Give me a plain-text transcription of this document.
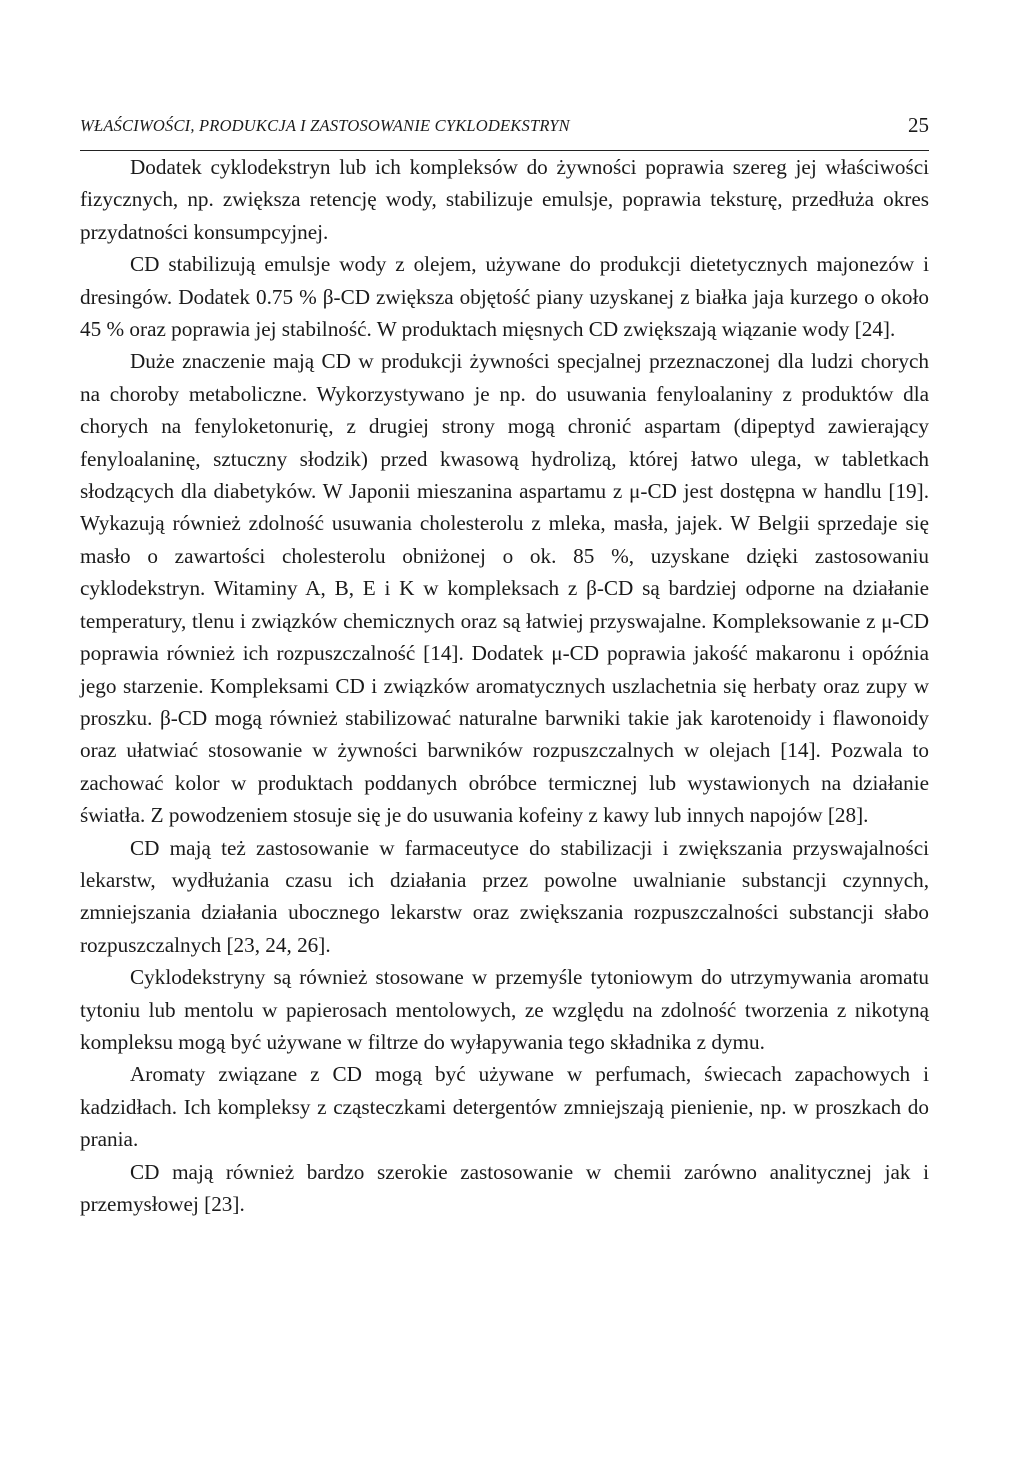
WŁAŚCIWOŚCI, PRODUKCJA I ZASTOSOWANIE CYKLODEKSTRYN	25

Dodatek cyklodekstryn lub ich kompleksów do żywności poprawia szereg jej właściwości fizycznych, np. zwiększa retencję wody, stabilizuje emulsje, poprawia teksturę, przedłuża okres przydatności konsumpcyjnej.

CD stabilizują emulsje wody z olejem, używane do produkcji dietetycznych majonezów i dresingów. Dodatek 0.75 % β-CD zwiększa objętość piany uzyskanej z białka jaja kurzego o około 45 % oraz poprawia jej stabilność. W produktach mięsnych CD zwiększają wiązanie wody [24].

Duże znaczenie mają CD w produkcji żywności specjalnej przeznaczonej dla ludzi chorych na choroby metaboliczne. Wykorzystywano je np. do usuwania fenyloalaniny z produktów dla chorych na fenyloketonurię, z drugiej strony mogą chronić aspartam (dipeptyd zawierający fenyloalaninę, sztuczny słodzik) przed kwasową hydrolizą, której łatwo ulega, w tabletkach słodzących dla diabetyków. W Japonii mieszanina aspartamu z μ-CD jest dostępna w handlu [19]. Wykazują również zdolność usuwania cholesterolu z mleka, masła, jajek. W Belgii sprzedaje się masło o zawartości cholesterolu obniżonej o ok. 85 %, uzyskane dzięki zastosowaniu cyklodekstryn. Witaminy A, B, E i K w kompleksach z β-CD są bardziej odporne na działanie temperatury, tlenu i związków chemicznych oraz są łatwiej przyswajalne. Kompleksowanie z μ-CD poprawia również ich rozpuszczalność [14]. Dodatek μ-CD poprawia jakość makaronu i opóźnia jego starzenie. Kompleksami CD i związków aromatycznych uszlachetnia się herbaty oraz zupy w proszku. β-CD mogą również stabilizować naturalne barwniki takie jak karotenoidy i flawonoidy oraz ułatwiać stosowanie w żywności barwników rozpuszczalnych w olejach [14]. Pozwala to zachować kolor w produktach poddanych obróbce termicznej lub wystawionych na działanie światła. Z powodzeniem stosuje się je do usuwania kofeiny z kawy lub innych napojów [28].

CD mają też zastosowanie w farmaceutyce do stabilizacji i zwiększania przyswajalności lekarstw, wydłużania czasu ich działania przez powolne uwalnianie substancji czynnych, zmniejszania działania ubocznego lekarstw oraz zwiększania rozpuszczalności substancji słabo rozpuszczalnych [23, 24, 26].

Cyklodekstryny są również stosowane w przemyśle tytoniowym do utrzymywania aromatu tytoniu lub mentolu w papierosach mentolowych, ze względu na zdolność tworzenia z nikotyną kompleksu mogą być używane w filtrze do wyłapywania tego składnika z dymu.

Aromaty związane z CD mogą być używane w perfumach, świecach zapachowych i kadzidłach. Ich kompleksy z cząsteczkami detergentów zmniejszają pienienie, np. w proszkach do prania.

CD mają również bardzo szerokie zastosowanie w chemii zarówno analitycznej jak i przemysłowej [23].
